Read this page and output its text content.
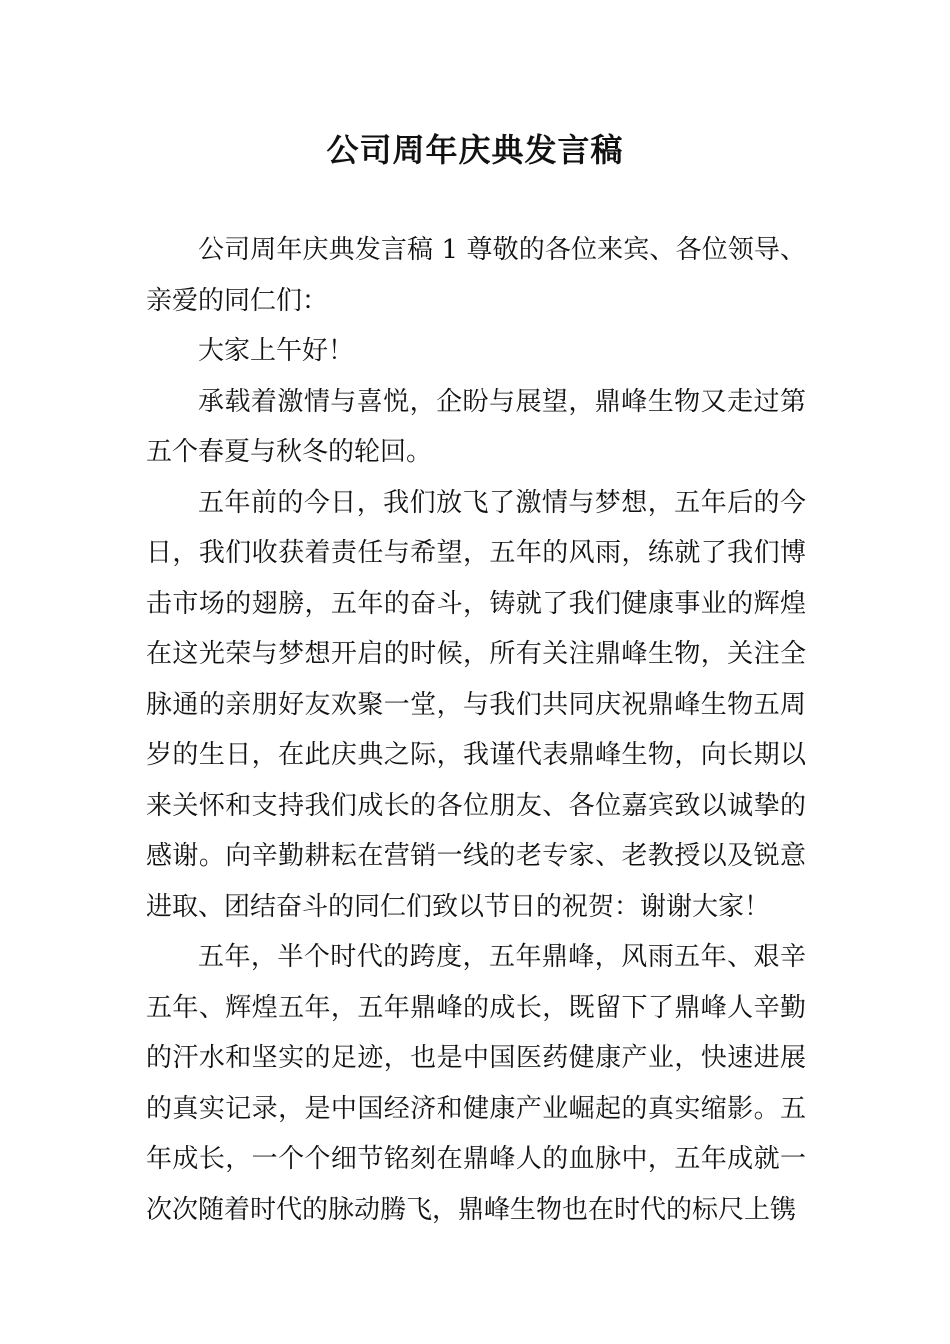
公司周年庆典发言稿

公司周年庆典发言稿 1 尊敬的各位来宾、各位领导、亲爱的同仁们：

大家上午好！

承载着激情与喜悦，企盼与展望，鼎峰生物又走过第五个春夏与秋冬的轮回。

五年前的今日，我们放飞了激情与梦想，五年后的今日，我们收获着责任与希望，五年的风雨，练就了我们博击市场的翅膀，五年的奋斗，铸就了我们健康事业的辉煌在这光荣与梦想开启的时候，所有关注鼎峰生物，关注全脉通的亲朋好友欢聚一堂，与我们共同庆祝鼎峰生物五周岁的生日，在此庆典之际，我谨代表鼎峰生物，向长期以来关怀和支持我们成长的各位朋友、各位嘉宾致以诚挚的感谢。向辛勤耕耘在营销一线的老专家、老教授以及锐意进取、团结奋斗的同仁们致以节日的祝贺：谢谢大家！

五年，半个时代的跨度，五年鼎峰，风雨五年、艰辛五年、辉煌五年，五年鼎峰的成长，既留下了鼎峰人辛勤的汗水和坚实的足迹，也是中国医药健康产业，快速进展的真实记录，是中国经济和健康产业崛起的真实缩影。五年成长，一个个细节铭刻在鼎峰人的血脉中，五年成就一次次随着时代的脉动腾飞，鼎峰生物也在时代的标尺上镌
